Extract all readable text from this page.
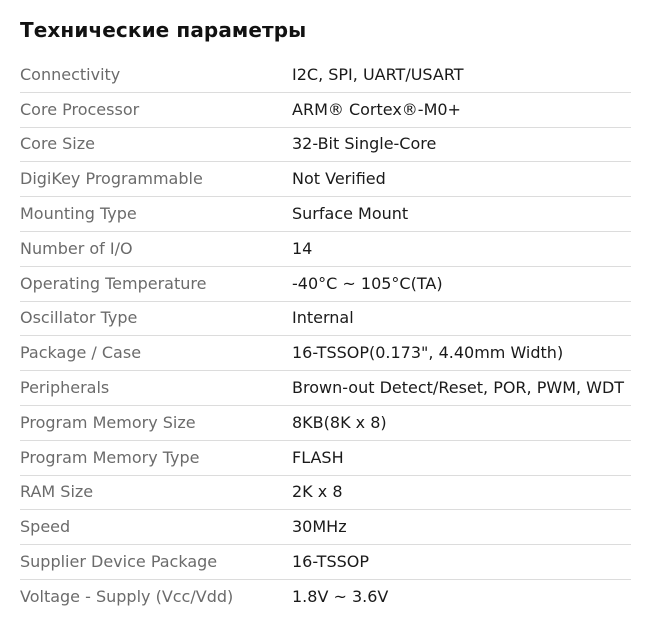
Технические параметры
Connectivity	I2C, SPI, UART/USART
Core Processor	ARM® Cortex®-M0+
Core Size	32-Bit Single-Core
DigiKey Programmable	Not Verified
Mounting Type	Surface Mount
Number of I/O	14
Operating Temperature	-40°C ~ 105°C(TA)
Oscillator Type	Internal
Package / Case	16-TSSOP(0.173", 4.40mm Width)
Peripherals	Brown-out Detect/Reset, POR, PWM, WDT
Program Memory Size	8KB(8K x 8)
Program Memory Type	FLASH
RAM Size	2K x 8
Speed	30MHz
Supplier Device Package	16-TSSOP
Voltage - Supply (Vcc/Vdd)	1.8V ~ 3.6V
